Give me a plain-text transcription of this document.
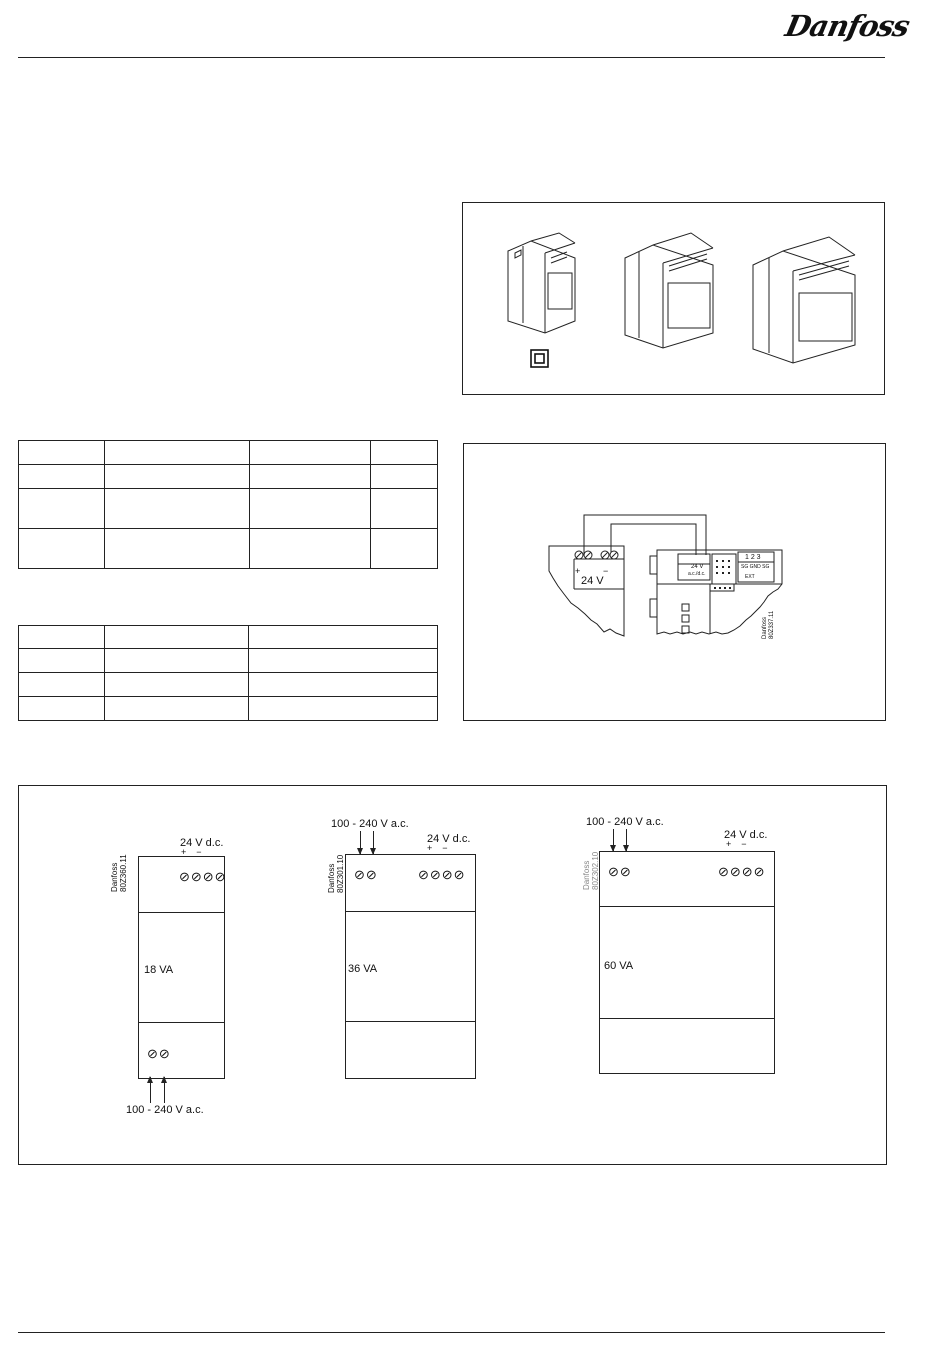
Danfoss

+	−
24 V
24 V
a.c./d.c.
1 2 3
SG GND SG
EXT
Danfoss
80Z337.11
⊘⊘⊘⊘
18 VA
⊘⊘
24 V d.c.
+    −
Danfoss
80Z360.11
100 - 240 V a.c.
⊘⊘	⊘⊘⊘⊘
36 VA
100 - 240 V a.c.
24 V d.c.
+    −
Danfoss
80Z301.10	⊘⊘	⊘⊘⊘⊘
60 VA
100 - 240 V a.c.
24 V d.c.
+    −
Danfoss
80Z302.10
